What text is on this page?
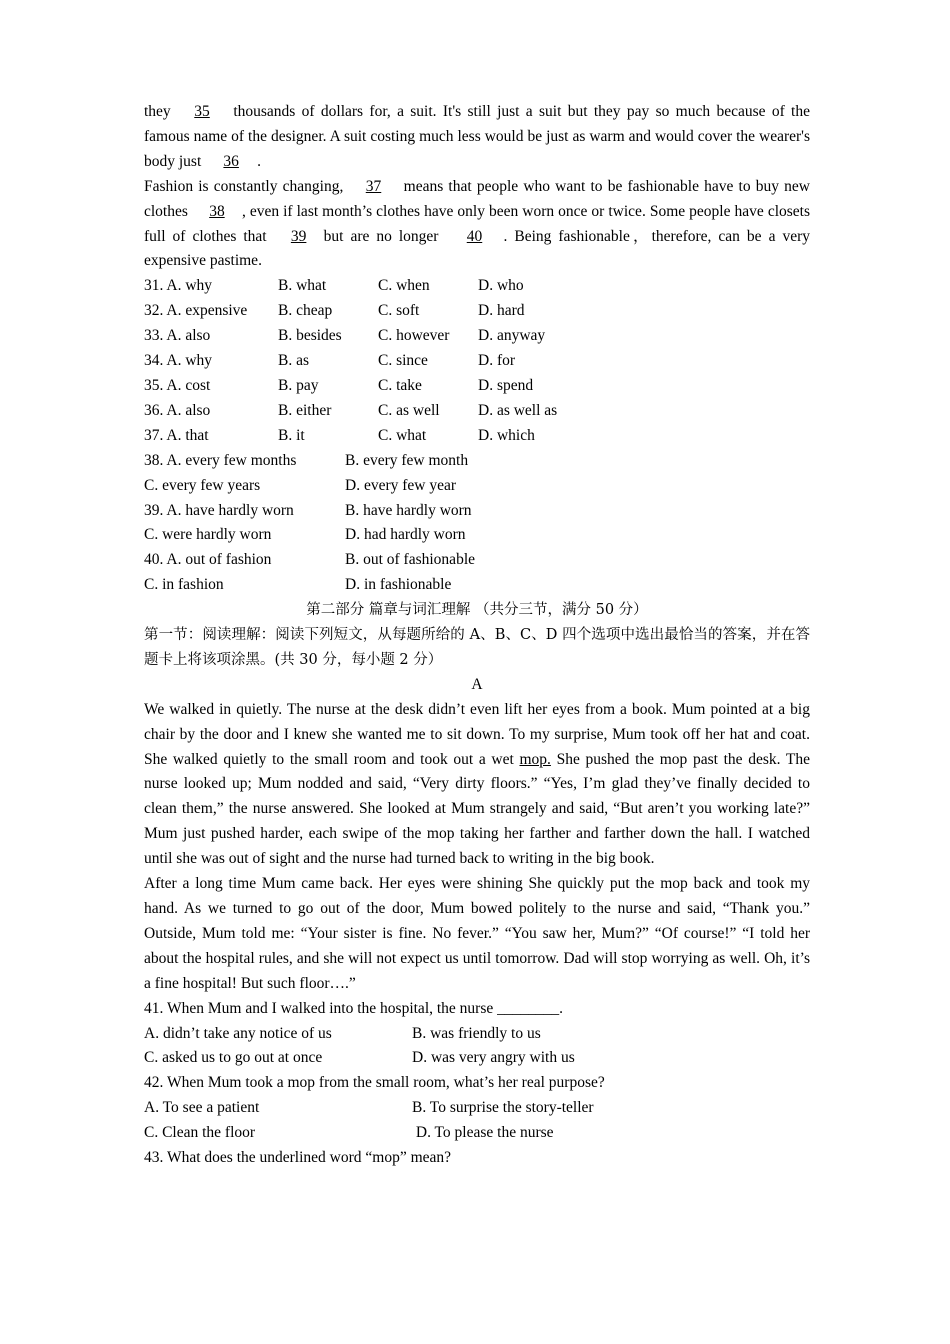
they 35 thousands of dollars for, a suit. It's still just a suit but they pay so much because of the famous name of the designer. A suit costing much less would be just as warm and would cover the wearer's body just 36 .
Fashion is constantly changing, 37 means that people who want to be fashionable have to buy new clothes 38 , even if last month’s clothes have only been worn once or twice. Some people have closets full of clothes that 39 but are no longer 40 . Being fashionable，therefore, can be a very expensive pastime.
31. A. why	B. what	C. when	D. who
32. A. expensive	B. cheap	C. soft	D. hard
33. A. also	B. besides	C. however	D. anyway
34. A. why	B. as	C. since	D. for
35. A. cost	B. pay	C. take	D. spend
36. A. also	B. either	C. as well	D. as well as
37. A. that	B. it	C. what	D. which
38. A. every few months	B. every few month
C. every few years	D. every few year
39. A. have hardly worn	B. have hardly worn
C. were hardly worn	D. had hardly worn
40. A. out of fashion	B. out of fashionable
C. in fashion	D. in fashionable
第二部分 篇章与词汇理解 （共分三节，满分 50 分）
第一节：阅读理解：阅读下列短文，从每题所给的 A、B、C、D 四个选项中选出最恰当的答案，并在答题卡上将该项涂黑。(共 30 分，每小题 2 分）
A
We walked in quietly. The nurse at the desk didn’t even lift her eyes from a book. Mum pointed at a big chair by the door and I knew she wanted me to sit down. To my surprise, Mum took off her hat and coat. She walked quietly to the small room and took out a wet mop. She pushed the mop past the desk. The nurse looked up; Mum nodded and said, “Very dirty floors.” “Yes, I’m glad they’ve finally decided to clean them,” the nurse answered. She looked at Mum strangely and said, “But aren’t you working late?” Mum just pushed harder, each swipe of the mop taking her farther and farther down the hall. I watched until she was out of sight and the nurse had turned back to writing in the big book.
After a long time Mum came back. Her eyes were shining She quickly put the mop back and took my hand. As we turned to go out of the door, Mum bowed politely to the nurse and said, “Thank you.” Outside, Mum told me: “Your sister is fine. No fever.” “You saw her, Mum?” “Of course!” “I told her about the hospital rules, and she will not expect us until tomorrow. Dad will stop worrying as well. Oh, it’s a fine hospital! But such floor….”
41. When Mum and I walked into the hospital, the nurse ________.
A. didn’t take any notice of us	B. was friendly to us
C. asked us to go out at once	D. was very angry with us
42. When Mum took a mop from the small room, what’s her real purpose?
A. To see a patient	B. To surprise the story-teller
C. Clean the floor	D. To please the nurse
43. What does the underlined word “mop” mean?
